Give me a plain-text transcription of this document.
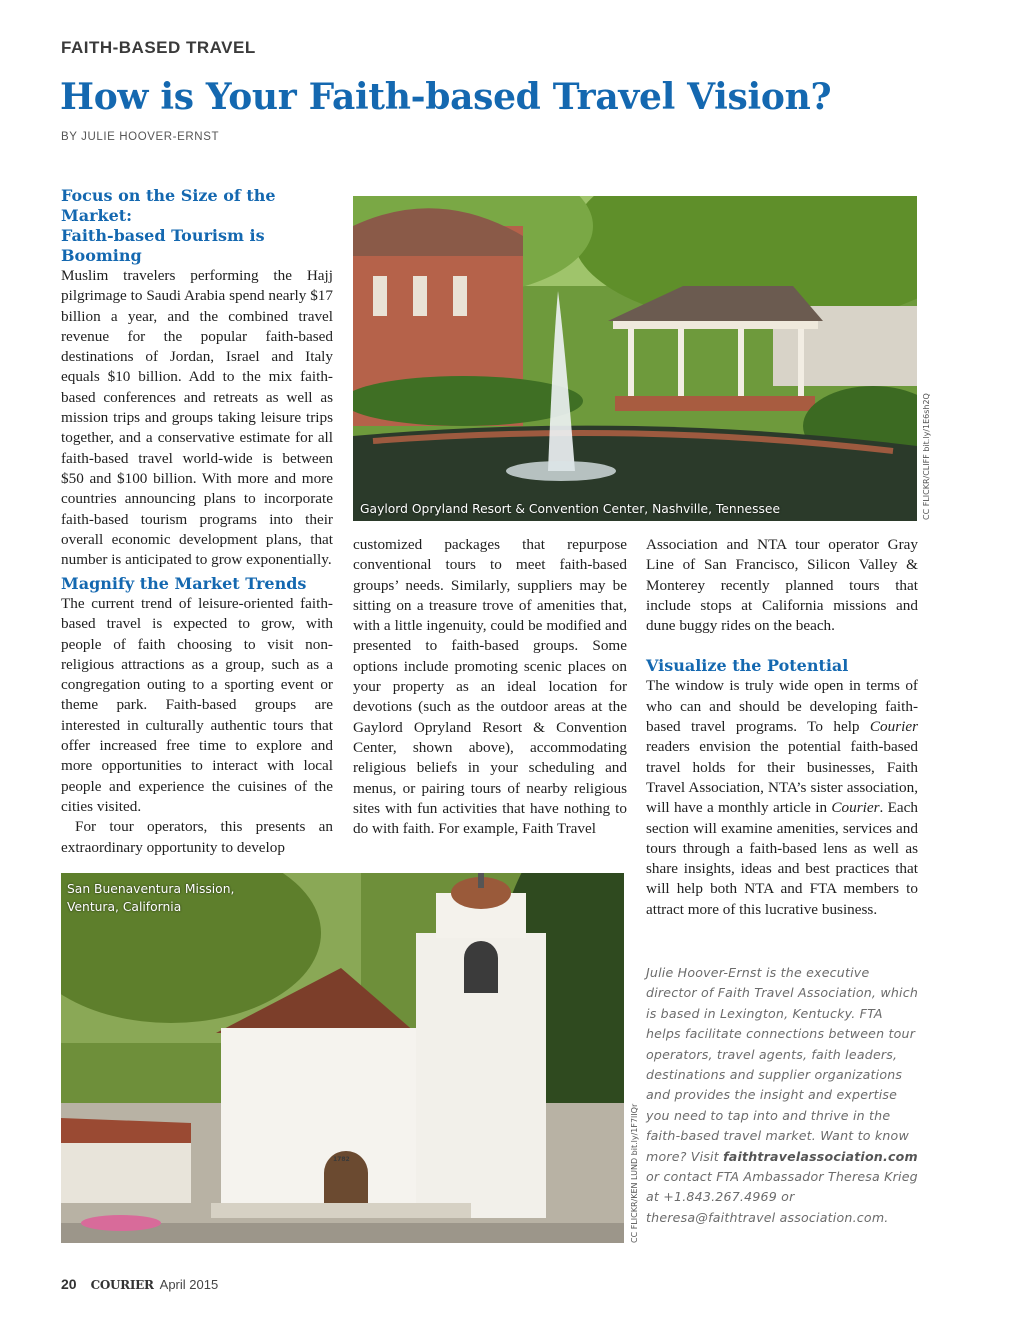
FAITH-BASED TRAVEL
How is Your Faith-based Travel Vision?
BY JULIE HOOVER-ERNST
Gaylord Opryland Resort & Convention Center, Nashville, Tennessee	CC FLICKR/CLIFF bit.ly/1E6sh2Q
Focus on the Size of the Market:
Faith-based Tourism is Booming

Muslim travelers performing the Hajj pilgrimage to Saudi Arabia spend nearly $17 billion a year, and the combined travel revenue for the popular faith-based destinations of Jordan, Israel and Italy equals $10 billion. Add to the mix faith-based conferences and retreats as well as mission trips and groups taking leisure trips together, and a conservative estimate for all faith-based travel world-wide is between $50 and $100 billion. With more and more countries announcing plans to incorporate faith-based tourism programs into their overall economic development plans, that number is anticipated to grow exponentially.

Magnify the Market Trends

The current trend of leisure-oriented faith-based travel is expected to grow, with people of faith choosing to visit non-religious attractions as a group, such as a congregation outing to a sporting event or theme park. Faith-based groups are interested in culturally authentic tours that offer increased free time to explore and more opportunities to interact with local people and experience the cuisines of the cities visited.

For tour operators, this presents an extraordinary opportunity to develop

customized packages that repurpose conventional tours to meet faith-based groups’ needs. Similarly, suppliers may be sitting on a treasure trove of amenities that, with a little ingenuity, could be modified and presented to faith-based groups. Some options include promoting scenic places on your property as an ideal location for devotions (such as the outdoor areas at the Gaylord Opryland Resort & Convention Center, shown above), accommodating religious beliefs in your scheduling and menus, or pairing tours of nearby religious sites with fun activities that have nothing to do with faith. For example, Faith Travel

Association and NTA tour operator Gray Line of San Francisco, Silicon Valley & Monterey recently planned tours that include stops at California missions and dune buggy rides on the beach.

Visualize the Potential

The window is truly wide open in terms of who can and should be developing faith-based travel programs. To help Courier readers envision the potential faith-based travel holds for their businesses, Faith Travel Association, NTA’s sister association, will have a monthly article in Courier. Each section will examine amenities, services and tours through a faith-based lens as well as share insights, ideas and best practices that will help both NTA and FTA members to attract more of this lucrative business.

Julie Hoover-Ernst is the executive director of Faith Travel Association, which is based in Lexington, Kentucky. FTA helps facilitate connections between tour operators, travel agents, faith leaders, destinations and supplier organizations and provides the insight and expertise you need to tap into and thrive in the faith-based travel market. Want to know more? Visit faithtravelassociation.com or contact FTA Ambassador Theresa Krieg at +1.843.267.4969 or theresa@faithtravel association.com.
San Buenaventura Mission,
Ventura, California
1782	CC FLICKR/KEN LUND bit.ly/1F7lIQr
20 COURIER April 2015
